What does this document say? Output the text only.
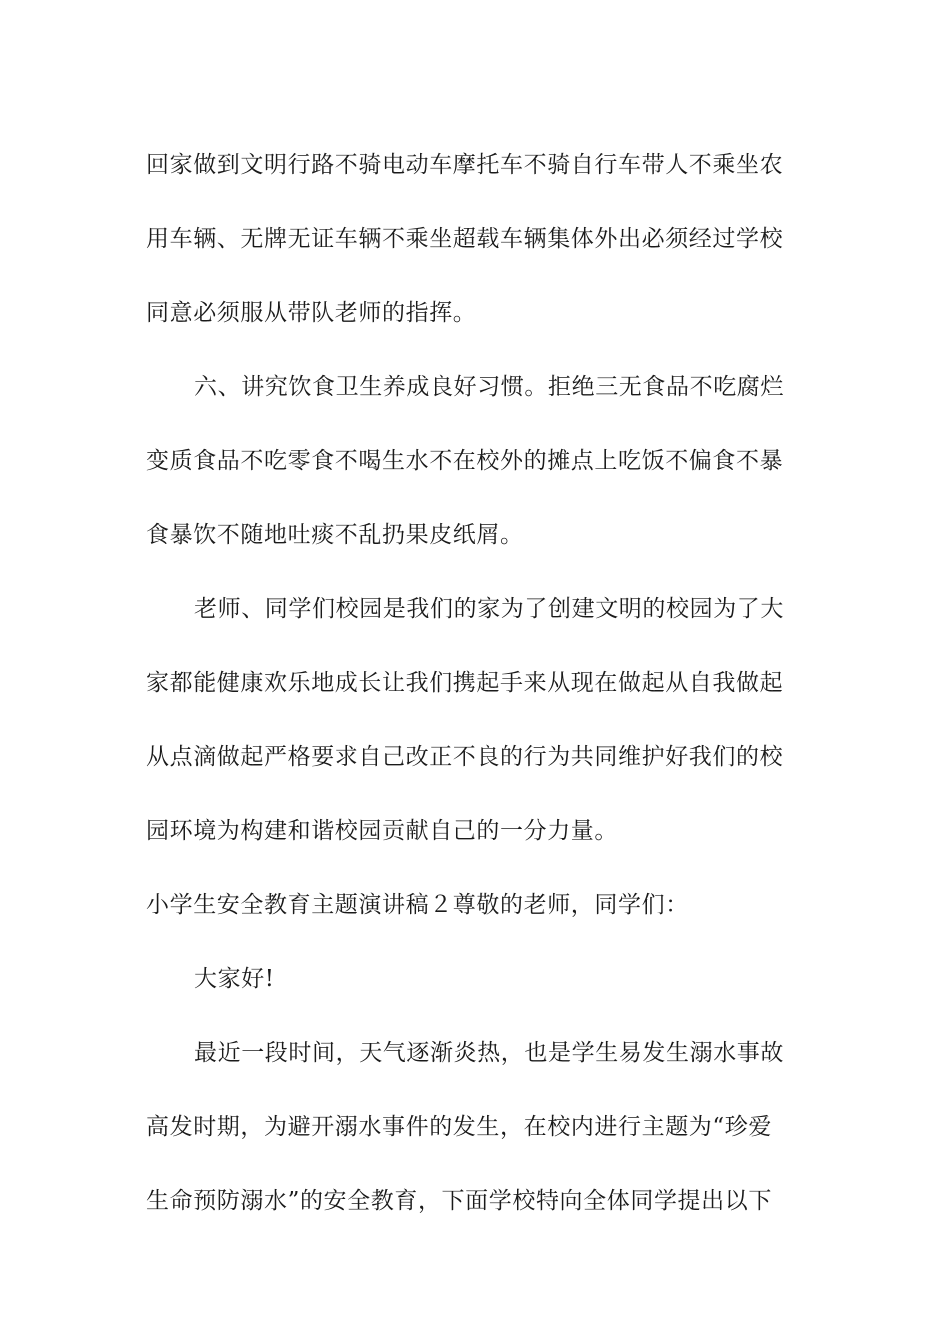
回家做到文明行路不骑电动车摩托车不骑自行车带人不乘坐农
用车辆、无牌无证车辆不乘坐超载车辆集体外出必须经过学校
同意必须服从带队老师的指挥。
六、讲究饮食卫生养成良好习惯。拒绝三无食品不吃腐烂
变质食品不吃零食不喝生水不在校外的摊点上吃饭不偏食不暴
食暴饮不随地吐痰不乱扔果皮纸屑。
老师、同学们校园是我们的家为了创建文明的校园为了大
家都能健康欢乐地成长让我们携起手来从现在做起从自我做起
从点滴做起严格要求自己改正不良的行为共同维护好我们的校
园环境为构建和谐校园贡献自己的一分力量。
小学生安全教育主题演讲稿２尊敬的老师，同学们：
大家好!
最近一段时间，天气逐渐炎热，也是学生易发生溺水事故
高发时期，为避开溺水事件的发生，在校内进行主题为“珍爱
生命预防溺水”的安全教育，下面学校特向全体同学提出以下
